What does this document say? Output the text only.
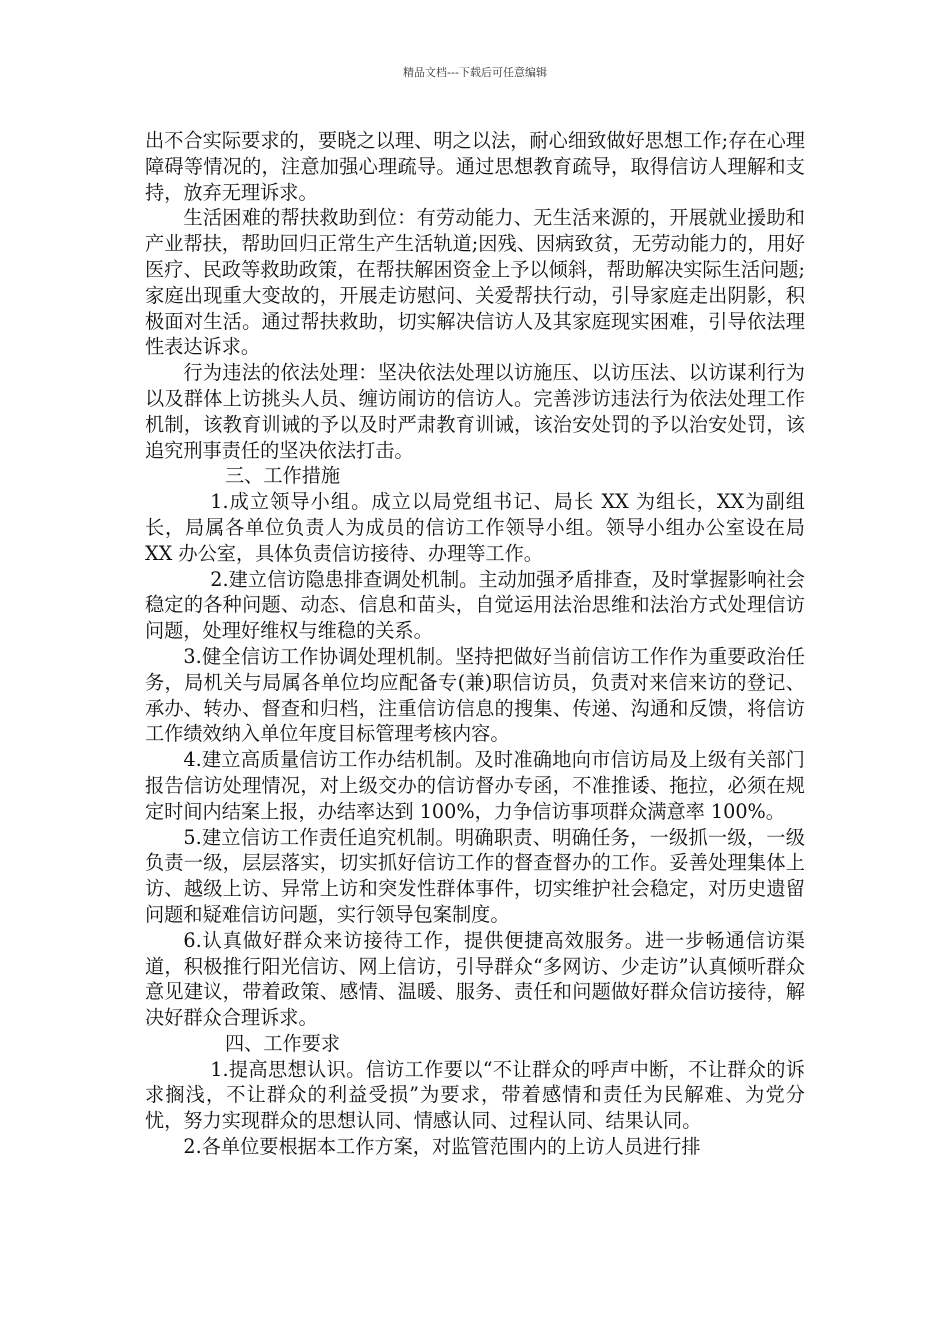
精品文档---下载后可任意编辑

出不合实际要求的，要晓之以理、明之以法，耐心细致做好思想工作;存在心理障碍等情况的，注意加强心理疏导。通过思想教育疏导，取得信访人理解和支持，放弃无理诉求。

生活困难的帮扶救助到位：有劳动能力、无生活来源的，开展就业援助和产业帮扶，帮助回归正常生产生活轨道;因残、因病致贫，无劳动能力的，用好医疗、民政等救助政策，在帮扶解困资金上予以倾斜，帮助解决实际生活问题;家庭出现重大变故的，开展走访慰问、关爱帮扶行动，引导家庭走出阴影，积极面对生活。通过帮扶救助，切实解决信访人及其家庭现实困难，引导依法理性表达诉求。

行为违法的依法处理：坚决依法处理以访施压、以访压法、以访谋利行为以及群体上访挑头人员、缠访闹访的信访人。完善涉访违法行为依法处理工作机制，该教育训诫的予以及时严肃教育训诫，该治安处罚的予以治安处罚，该追究刑事责任的坚决依法打击。

三、工作措施

1.成立领导小组。成立以局党组书记、局长 XX 为组长，XX为副组长，局属各单位负责人为成员的信访工作领导小组。领导小组办公室设在局 XX 办公室，具体负责信访接待、办理等工作。

2.建立信访隐患排查调处机制。主动加强矛盾排查，及时掌握影响社会稳定的各种问题、动态、信息和苗头，自觉运用法治思维和法治方式处理信访问题，处理好维权与维稳的关系。

3.健全信访工作协调处理机制。坚持把做好当前信访工作作为重要政治任务，局机关与局属各单位均应配备专(兼)职信访员，负责对来信来访的登记、承办、转办、督查和归档，注重信访信息的搜集、传递、沟通和反馈，将信访工作绩效纳入单位年度目标管理考核内容。

4.建立高质量信访工作办结机制。及时准确地向市信访局及上级有关部门报告信访处理情况，对上级交办的信访督办专函，不准推诿、拖拉，必须在规定时间内结案上报，办结率达到 100%，力争信访事项群众满意率 100%。

5.建立信访工作责任追究机制。明确职责、明确任务，一级抓一级，一级负责一级，层层落实，切实抓好信访工作的督查督办的工作。妥善处理集体上访、越级上访、异常上访和突发性群体事件，切实维护社会稳定，对历史遗留问题和疑难信访问题，实行领导包案制度。

6.认真做好群众来访接待工作，提供便捷高效服务。进一步畅通信访渠道，积极推行阳光信访、网上信访，引导群众“多网访、少走访”认真倾听群众意见建议，带着政策、感情、温暖、服务、责任和问题做好群众信访接待，解决好群众合理诉求。

四、工作要求

1.提高思想认识。信访工作要以“不让群众的呼声中断，不让群众的诉求搁浅，不让群众的利益受损”为要求，带着感情和责任为民解难、为党分忧，努力实现群众的思想认同、情感认同、过程认同、结果认同。

2.各单位要根据本工作方案，对监管范围内的上访人员进行排
